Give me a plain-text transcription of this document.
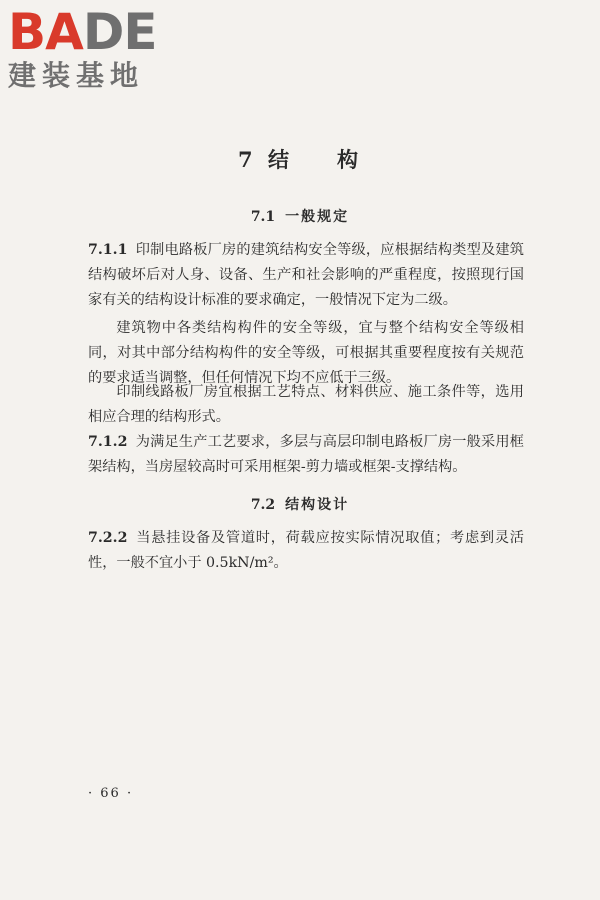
BADE
建装基地
7 结 构
7.1 一般规定
7.1.1 印制电路板厂房的建筑结构安全等级，应根据结构类型及建筑结构破坏后对人身、设备、生产和社会影响的严重程度，按照现行国家有关的结构设计标准的要求确定，一般情况下定为二级。
建筑物中各类结构构件的安全等级，宜与整个结构安全等级相同，对其中部分结构构件的安全等级，可根据其重要程度按有关规范的要求适当调整，但任何情况下均不应低于三级。
印制线路板厂房宜根据工艺特点、材料供应、施工条件等，选用相应合理的结构形式。
7.1.2 为满足生产工艺要求，多层与高层印制电路板厂房一般采用框架结构，当房屋较高时可采用框架-剪力墙或框架-支撑结构。
7.2 结构设计
7.2.2 当悬挂设备及管道时，荷载应按实际情况取值；考虑到灵活性，一般不宜小于 0.5kN/m²。
· 66 ·
